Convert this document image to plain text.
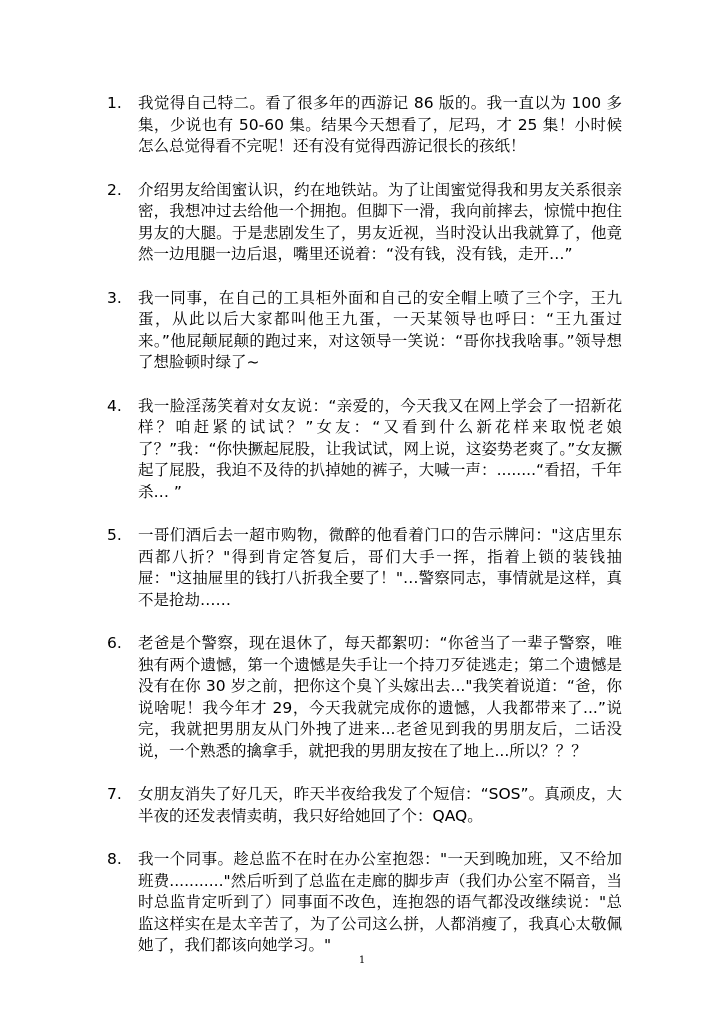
1.	我觉得自己特二。看了很多年的西游记 86 版的。我一直以为 100 多集，少说也有 50-60 集。结果今天想看了，尼玛，才 25 集！小时候怎么总觉得看不完呢！还有没有觉得西游记很长的孩纸！
2.	介绍男友给闺蜜认识，约在地铁站。为了让闺蜜觉得我和男友关系很亲密，我想冲过去给他一个拥抱。但脚下一滑，我向前摔去，惊慌中抱住男友的大腿。于是悲剧发生了，男友近视，当时没认出我就算了，他竟然一边甩腿一边后退，嘴里还说着：“没有钱，没有钱，走开…”
3.	我一同事，在自己的工具柜外面和自己的安全帽上喷了三个字，王九蛋，从此以后大家都叫他王九蛋，一天某领导也呼曰：“王九蛋过来。”他屁颠屁颠的跑过来，对这领导一笑说：“哥你找我啥事。”领导想了想脸顿时绿了~
4.	我一脸淫荡笑着对女友说：“亲爱的，今天我又在网上学会了一招新花样？咱赶紧的试试？”女友：“又看到什么新花样来取悦老娘了？”我：“你快撅起屁股，让我试试，网上说，这姿势老爽了。”女友撅起了屁股，我迫不及待的扒掉她的裤子，大喊一声：........“看招，千年杀… ”
5.	一哥们酒后去一超市购物，微醉的他看着门口的告示牌问："这店里东西都八折？"得到肯定答复后，哥们大手一挥，指着上锁的装钱抽屉："这抽屉里的钱打八折我全要了！"…警察同志，事情就是这样，真不是抢劫……
6.	老爸是个警察，现在退休了，每天都絮叨：“你爸当了一辈子警察，唯独有两个遗憾，第一个遗憾是失手让一个持刀歹徒逃走；第二个遗憾是没有在你 30 岁之前，把你这个臭丫头嫁出去..."我笑着说道：“爸，你说啥呢！我今年才 29，今天我就完成你的遗憾，人我都带来了...”说完，我就把男朋友从门外拽了进来...老爸见到我的男朋友后，二话没说，一个熟悉的擒拿手，就把我的男朋友按在了地上...所以？？？
7.	女朋友消失了好几天，昨天半夜给我发了个短信：“SOS”。真顽皮，大半夜的还发表情卖萌，我只好给她回了个：QAQ。
8.	我一个同事。趁总监不在时在办公室抱怨："一天到晚加班，又不给加班费..........."然后听到了总监在走廊的脚步声（我们办公室不隔音，当时总监肯定听到了）同事面不改色，连抱怨的语气都没改继续说："总监这样实在是太辛苦了，为了公司这么拼，人都消瘦了，我真心太敬佩她了，我们都该向她学习。"
1
